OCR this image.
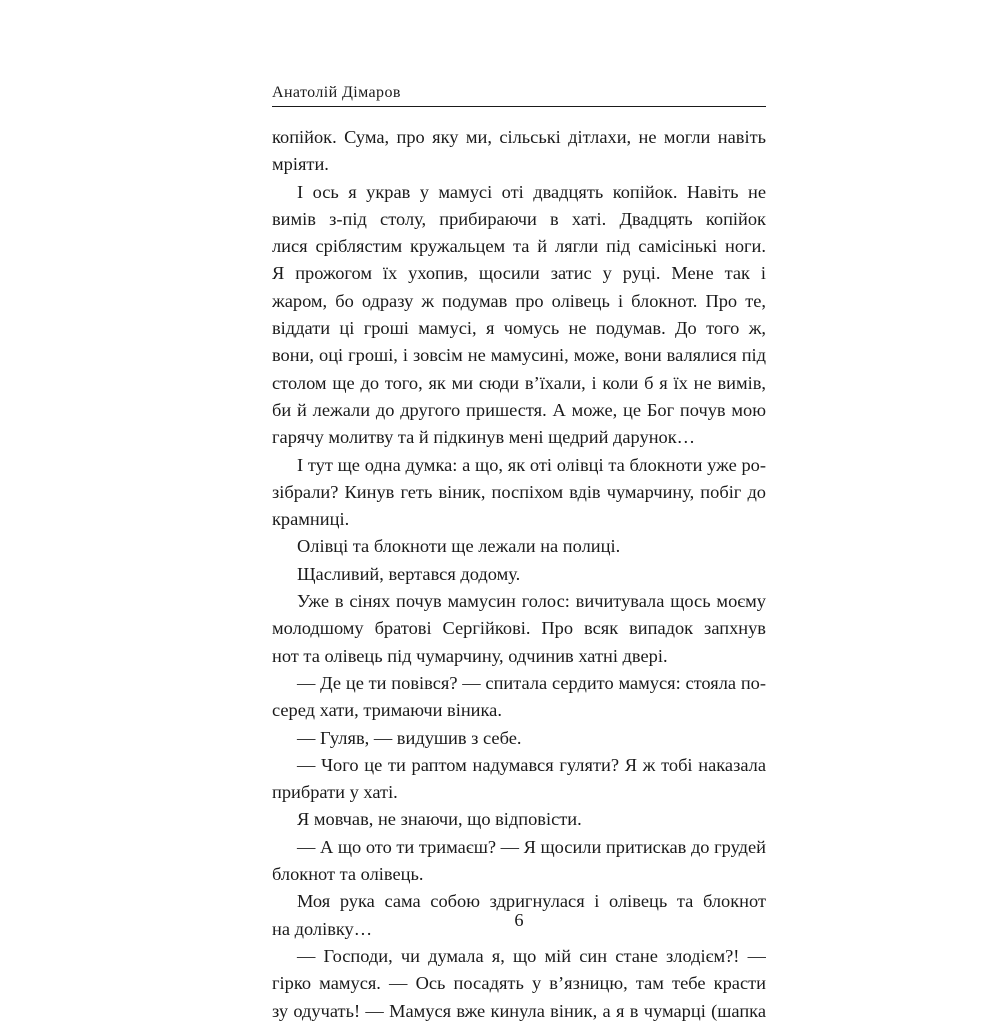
Анатолій Дімаров
копійок. Сума, про яку ми, сільські дітлахи, не могли навіть
мріяти.
І ось я украв у мамусі оті двадцять копійок. Навіть не
вимів з-під столу, прибираючи в хаті. Двадцять копійок
лися сріблястим кружальцем та й лягли під самісінькі ноги.
Я прожогом їх ухопив, щосили затис у руці. Мене так і
жаром, бо одразу ж подумав про олівець і блокнот. Про те,
віддати ці гроші мамусі, я чомусь не подумав. До того ж,
вони, оці гроші, і зовсім не мамусині, може, вони валялися під
столом ще до того, як ми сюди в’їхали, і коли б я їх не вимів,
би й лежали до другого пришестя. А може, це Бог почув мою
гарячу молитву та й підкинув мені щедрий дарунок…
І тут ще одна думка: а що, як оті олівці та блокноти уже ро-
зібрали? Кинув геть віник, поспіхом вдів чумарчину, побіг до
крамниці.
Олівці та блокноти ще лежали на полиці.
Щасливий, вертався додому.
Уже в сінях почув мамусин голос: вичитувала щось моєму
молодшому братові Сергійкові. Про всяк випадок запхнув
нот та олівець під чумарчину, одчинив хатні двері.
— Де це ти повівся? — спитала сердито мамуся: стояла по-
серед хати, тримаючи віника.
— Гуляв, — видушив з себе.
— Чого це ти раптом надумався гуляти? Я ж тобі наказала
прибрати у хаті.
Я мовчав, не знаючи, що відповісти.
— А що ото ти тримаєш? — Я щосили притискав до грудей
блокнот та олівець.
Моя рука сама собою здригнулася і олівець та блокнот
на долівку…
— Господи, чи думала я, що мій син стане злодієм?! —
гірко мамуся. — Ось посадять у в’язницю, там тебе красти
зу одучать! — Мамуся вже кинула віник, а я в чумарці (шапка
6
